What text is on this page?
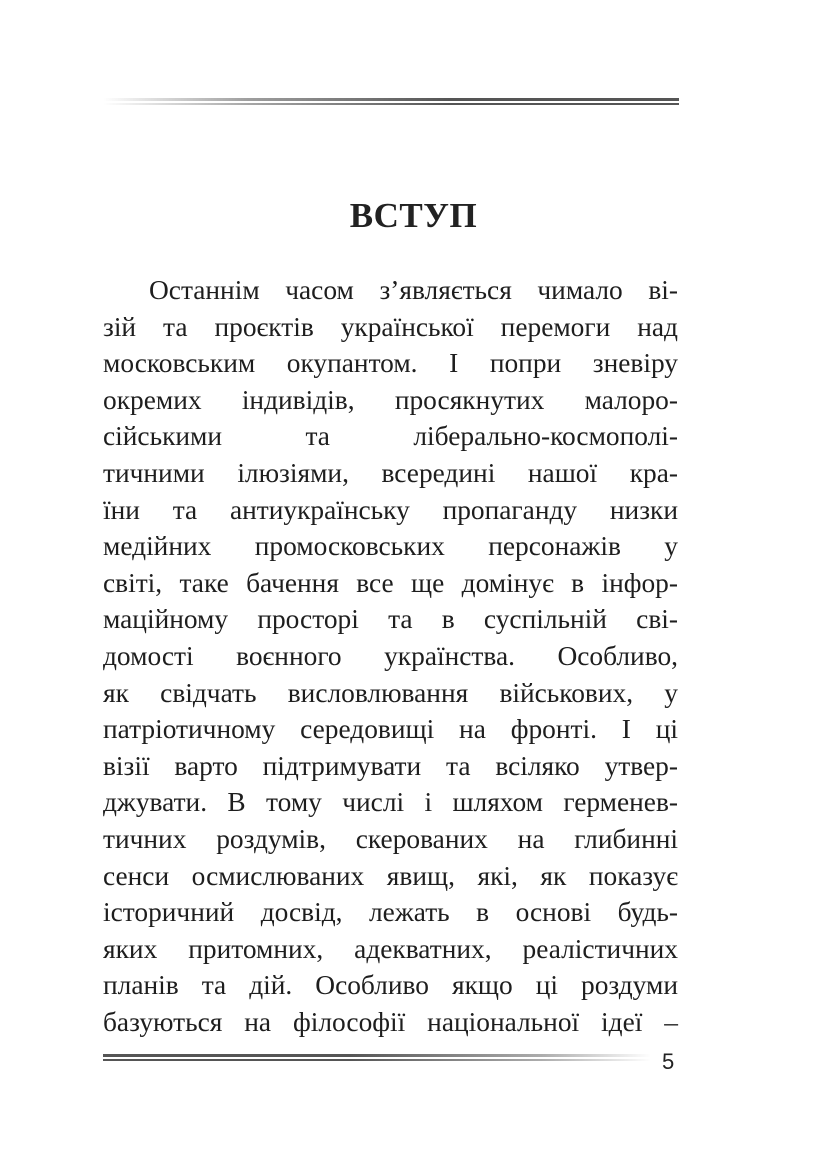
ВСТУП
Останнім часом з’являється чимало ві-
зій та проєктів української перемоги над
московським окупантом. І попри зневіру
окремих індивідів, просякнутих малоро-
сійськими та ліберально-космополі-
тичними ілюзіями, всередині нашої кра-
їни та антиукраїнську пропаганду низки
медійних промосковських персонажів у
світі, таке бачення все ще домінує в інфор-
маційному просторі та в суспільній сві-
домості воєнного українства. Особливо,
як свідчать висловлювання військових, у
патріотичному середовищі на фронті. І ці
візії варто підтримувати та всіляко утвер-
джувати. В тому числі і шляхом герменев-
тичних роздумів, скерованих на глибинні
сенси осмислюваних явищ, які, як показує
історичний досвід, лежать в основі будь-
яких притомних, адекватних, реалістичних
планів та дій. Особливо якщо ці роздуми
базуються на філософії національної ідеї –
5
